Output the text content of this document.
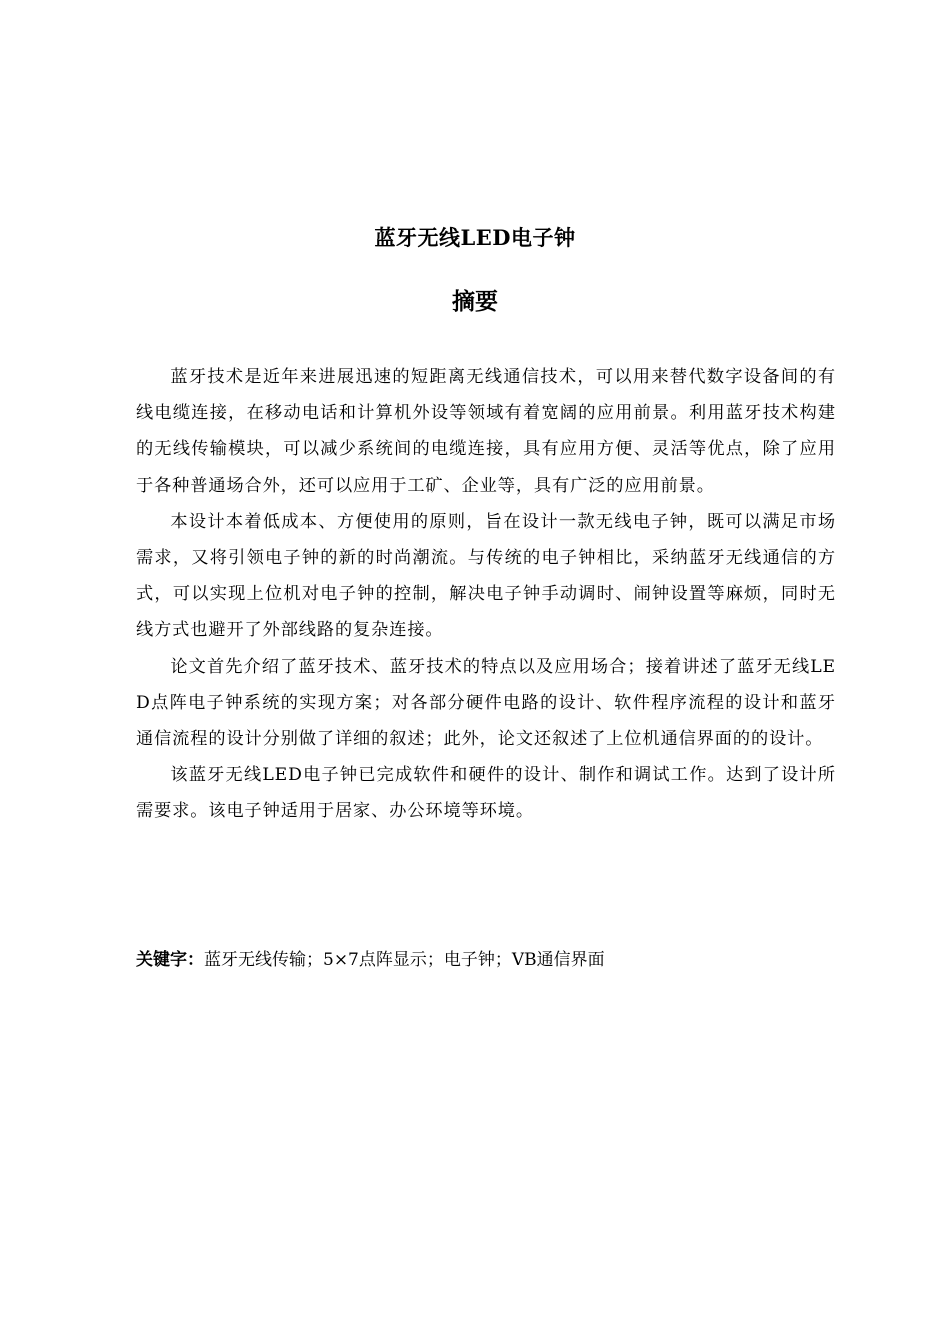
蓝牙无线LED电子钟
摘要

蓝牙技术是近年来进展迅速的短距离无线通信技术，可以用来替代数字设备间的有线电缆连接，在移动电话和计算机外设等领域有着宽阔的应用前景。利用蓝牙技术构建的无线传输模块，可以减少系统间的电缆连接，具有应用方便、灵活等优点，除了应用于各种普通场合外，还可以应用于工矿、企业等，具有广泛的应用前景。

本设计本着低成本、方便使用的原则，旨在设计一款无线电子钟，既可以满足市场需求，又将引领电子钟的新的时尚潮流。与传统的电子钟相比，采纳蓝牙无线通信的方式，可以实现上位机对电子钟的控制，解决电子钟手动调时、闹钟设置等麻烦，同时无线方式也避开了外部线路的复杂连接。

论文首先介绍了蓝牙技术、蓝牙技术的特点以及应用场合；接着讲述了蓝牙无线LED点阵电子钟系统的实现方案；对各部分硬件电路的设计、软件程序流程的设计和蓝牙通信流程的设计分别做了详细的叙述；此外，论文还叙述了上位机通信界面的的设计。

该蓝牙无线LED电子钟已完成软件和硬件的设计、制作和调试工作。达到了设计所需要求。该电子钟适用于居家、办公环境等环境。

关键字：蓝牙无线传输；5×7点阵显示；电子钟；VB通信界面
